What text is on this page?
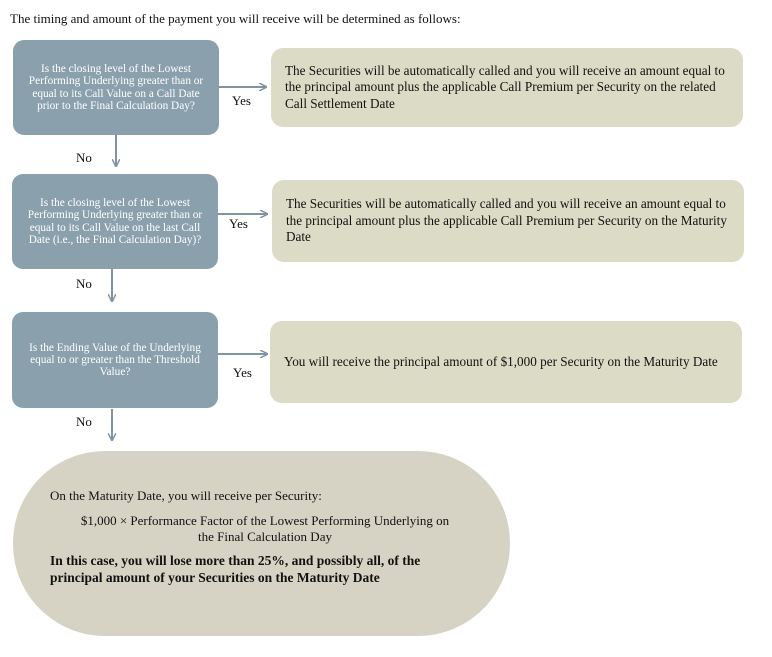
The timing and amount of the payment you will receive will be determined as follows:
Is the closing level of the Lowest Performing Underlying greater than or equal to its Call Value on a Call Date prior to the Final Calculation Day?
Is the closing level of the Lowest Performing Underlying greater than or equal to its Call Value on the last Call Date (i.e., the Final Calculation Day)?
Is the Ending Value of the Underlying equal to or greater than the Threshold Value?
The Securities will be automatically called and you will receive an amount equal to the principal amount plus the applicable Call Premium per Security on the related Call Settlement Date
The Securities will be automatically called and you will receive an amount equal to the principal amount plus the applicable Call Premium per Security on the Maturity Date
You will receive the principal amount of $1,000 per Security on the Maturity Date
Yes
Yes
Yes
No
No
No
On the Maturity Date, you will receive per Security:
$1,000 × Performance Factor of the Lowest Performing Underlying on the Final Calculation Day
In this case, you will lose more than 25%, and possibly all, of the principal amount of your Securities on the Maturity Date
